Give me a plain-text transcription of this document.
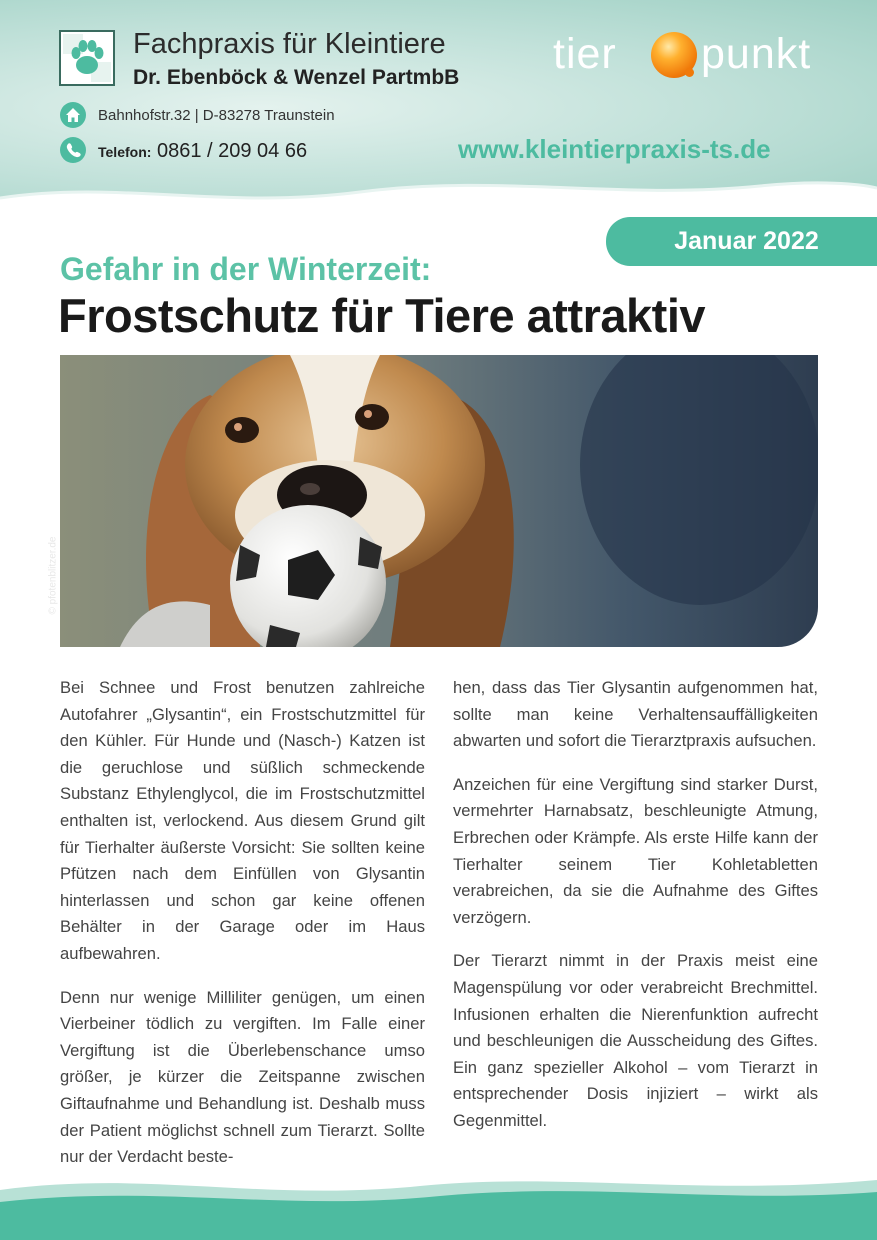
Fachpraxis für Kleintiere
Dr. Ebenböck & Wenzel PartmbB tier punkt
Bahnhofstr.32 | D-83278 Traunstein
Telefon: 0861 / 209 04 66	www.kleintierpraxis-ts.de
Januar 2022
Gefahr in der Winterzeit:
Frostschutz für Tiere attraktiv
© pfotenblitzer.de

Bei Schnee und Frost benutzen zahlreiche Autofahrer „Glysantin“, ein Frostschutzmittel für den Kühler. Für Hunde und (Nasch-) Katzen ist die geruchlose und süßlich schmeckende Substanz Ethylenglycol, die im Frostschutzmittel enthalten ist, verlockend. Aus diesem Grund gilt für Tierhalter äußerste Vorsicht: Sie sollten keine Pfützen nach dem Einfüllen von Glysantin hinterlassen und schon gar keine offenen Behälter in der Garage oder im Haus aufbewahren.

Denn nur wenige Milliliter genügen, um einen Vierbeiner tödlich zu vergiften. Im Falle einer Vergiftung ist die Überlebenschance umso größer, je kürzer die Zeitspanne zwischen Giftaufnahme und Behandlung ist. Deshalb muss der Patient möglichst schnell zum Tierarzt. Sollte nur der Verdacht beste-

hen, dass das Tier Glysantin aufgenommen hat, sollte man keine Verhaltensauffälligkeiten abwarten und sofort die Tierarztpraxis aufsuchen.

Anzeichen für eine Vergiftung sind starker Durst, vermehrter Harnabsatz, beschleunigte Atmung, Erbrechen oder Krämpfe. Als erste Hilfe kann der Tierhalter seinem Tier Kohletabletten verabreichen, da sie die Aufnahme des Giftes verzögern.

Der Tierarzt nimmt in der Praxis meist eine Magenspülung vor oder verabreicht Brechmittel. Infusionen erhalten die Nierenfunktion aufrecht und beschleunigen die Ausscheidung des Giftes. Ein ganz spezieller Alkohol – vom Tierarzt in entsprechender Dosis injiziert – wirkt als Gegenmittel.
